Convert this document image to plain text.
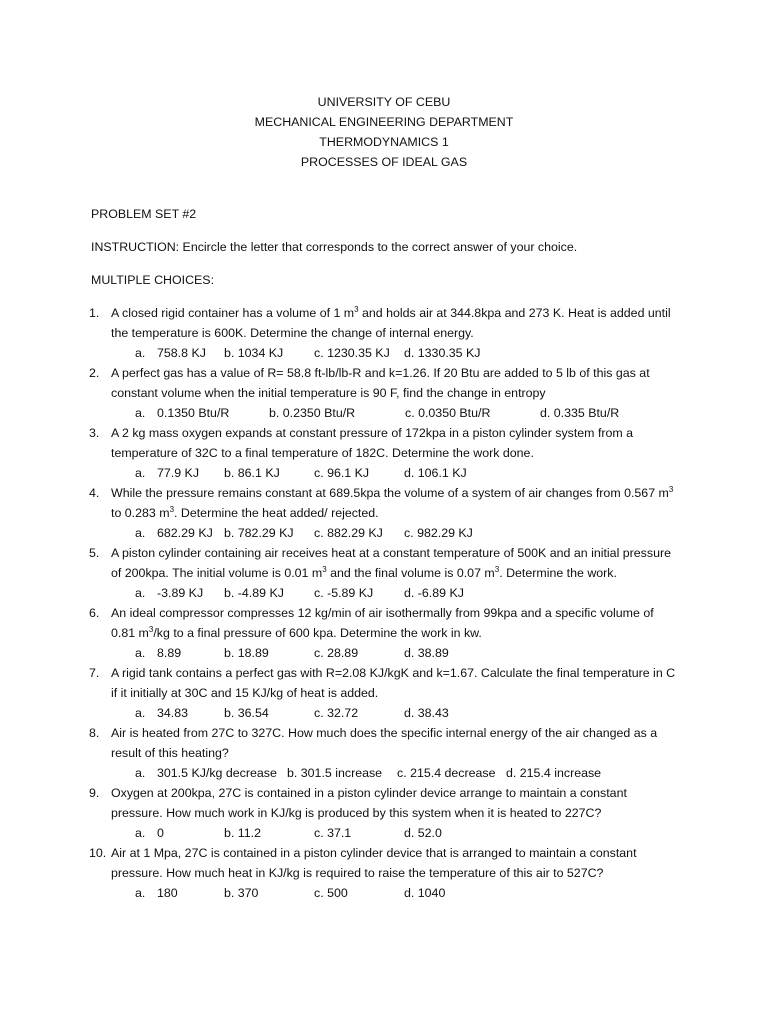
UNIVERSITY OF CEBU
MECHANICAL ENGINEERING DEPARTMENT
THERMODYNAMICS 1
PROCESSES OF IDEAL GAS
PROBLEM SET #2
INSTRUCTION: Encircle the letter that corresponds to the correct answer of your choice.
MULTIPLE CHOICES:
1. A closed rigid container has a volume of 1 $m^3$ and holds air at 344.8kpa and 273 K. Heat is added until the temperature is 600K. Determine the change of internal energy.
a. 758.8 KJ b. 1034 KJ c. 1230.35 KJ d. 1330.35 KJ
2. A perfect gas has a value of R= 58.8 ft-lb/lb-R and k=1.26. If 20 Btu are added to 5 lb of this gas at constant volume when the initial temperature is 90 F, find the change in entropy
a. 0.1350 Btu/R	b. 0.2350 Btu/R	c. 0.0350 Btu/R	d. 0.335 Btu/R
3. A 2 kg mass oxygen expands at constant pressure of 172kpa in a piston cylinder system from a temperature of 32C to a final temperature of 182C. Determine the work done.
a. 77.9 KJ b. 86.1 KJ	c. 96.1 KJ	d. 106.1 KJ
4. While the pressure remains constant at 689.5kpa the volume of a system of air changes from 0.567 $m^3$ to 0.283 $m^3$. Determine the heat added/ rejected.
a. 682.29 KJ b. 782.29 KJ c. 882.29 KJ c. 982.29 KJ
5. A piston cylinder containing air receives heat at a constant temperature of 500K and an initial pressure of 200kpa. The initial volume is 0.01 $m^3$ and the final volume is 0.07 $m^3$. Determine the work.
a. -3.89 KJ b. -4.89 KJ c. -5.89 KJ d. -6.89 KJ
6. An ideal compressor compresses 12 kg/min of air isothermally from 99kpa and a specific volume of 0.81 $m^3/kg$ to a final pressure of 600 kpa. Determine the work in kw.
a. 8.89	b. 18.89	c. 28.89	d. 38.89
7. A rigid tank contains a perfect gas with R=2.08 KJ/kgK and k=1.67. Calculate the final temperature in C if it initially at 30C and 15 KJ/kg of heat is added.
a. 34.83	b. 36.54	c. 32.72	d. 38.43
8. Air is heated from 27C to 327C. How much does the specific internal energy of the air changed as a result of this heating?
a. 301.5 KJ/kg decrease b. 301.5 increase c. 215.4 decrease d. 215.4 increase
9. Oxygen at 200kpa, 27C is contained in a piston cylinder device arrange to maintain a constant pressure. How much work in KJ/kg is produced by this system when it is heated to 227C?
a. 0	b. 11.2	c. 37.1	d. 52.0
10. Air at 1 Mpa, 27C is contained in a piston cylinder device that is arranged to maintain a constant pressure. How much heat in KJ/kg is required to raise the temperature of this air to 527C?
a. 180	b. 370	c. 500	d. 1040
